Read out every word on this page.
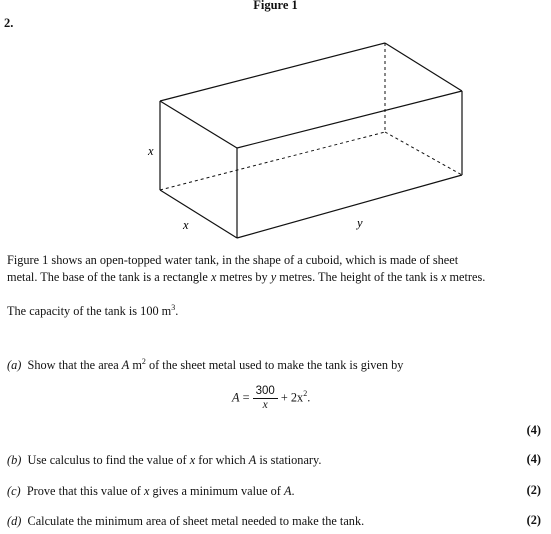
Figure 1
2.
x
x	y
Figure 1 shows an open-topped water tank, in the shape of a cuboid, which is made of sheet
metal. The base of the tank is a rectangle x metres by y metres. The height of the tank is x metres.
The capacity of the tank is 100 $m^3$.
(a) Show that the area A $m^2$ of the sheet metal used to make the tank is given by
$A = \frac{300}{x} + 2x^2$.
(4)
(b) Use calculus to find the value of x for which A is stationary.	(4)
(c) Prove that this value of x gives a minimum value of A.	(2)
(d) Calculate the minimum area of sheet metal needed to make the tank.	(2)
